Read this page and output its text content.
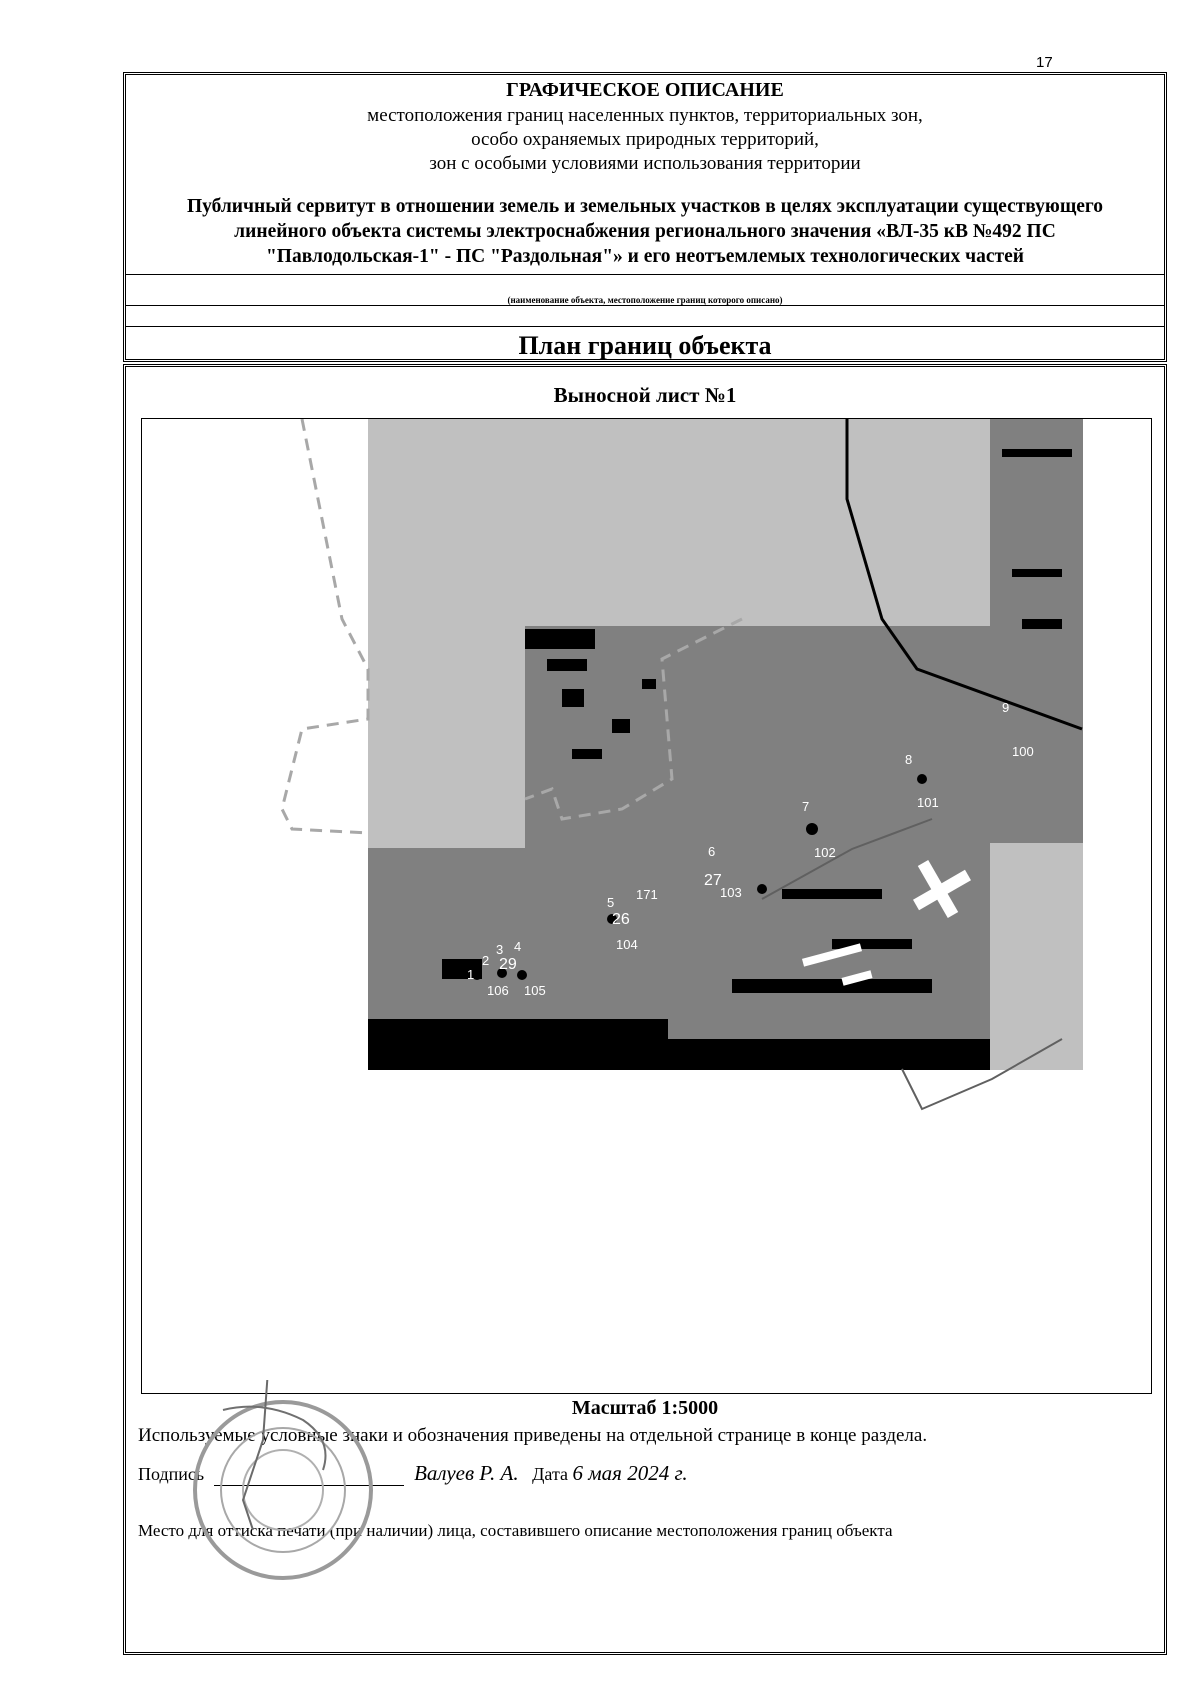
17
ГРАФИЧЕСКОЕ ОПИСАНИЕ
местоположения границ населенных пунктов, территориальных зон,
особо охраняемых природных территорий,
зон с особыми условиями использования территории
Публичный сервитут в отношении земель и земельных участков в целях эксплуатации существующего линейного объекта системы электроснабжения регионального значения «ВЛ-35 кВ №492 ПС "Павлодольская-1" - ПС "Раздольная"» и его неотъемлемых технологических частей
(наименование объекта, местоположение границ которого описано)
План границ объекта
Выносной лист №1
9
100
8
101
7
102
6
27
103
171
5
26
104
4
3
2 29
1
106 105
Масштаб 1:5000
Используемые условные знаки и обозначения приведены на отдельной странице в конце раздела.
Подпись	Валуев Р. А. Дата 6 мая 2024 г.
Место для оттиска печати (при наличии) лица, составившего описание местоположения границ объекта
